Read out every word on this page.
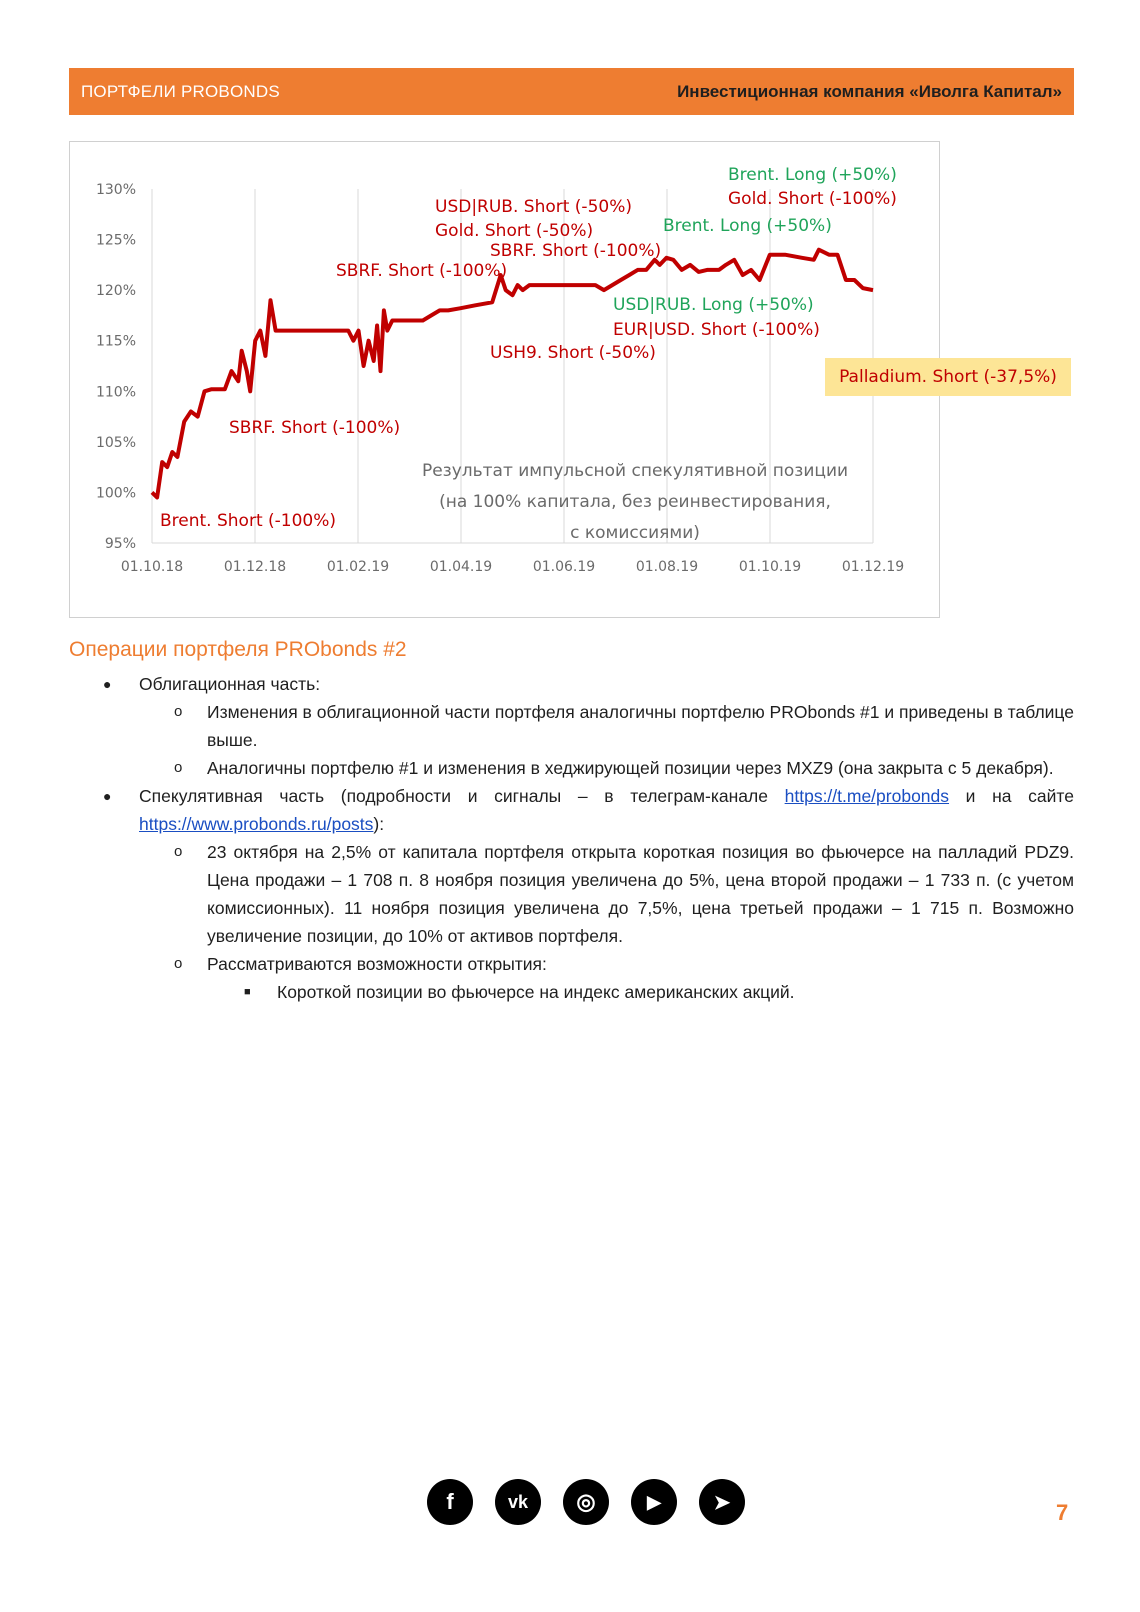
ПОРТФЕЛИ PROBONDS	Инвестиционная компания «Иволга Капитал»
95%
100%
105%
110%
115%
120%
125%
130%
01.10.18	01.12.18	01.02.19	01.04.19	01.06.19	01.08.19	01.10.19	01.12.19
Результат импульсной спекулятивной позиции
(на 100% капитала, без реинвестирования,
с комиссиями)
Brent. Short (-100%)
SBRF. Short (-100%)
SBRF. Short (-100%)
USD|RUB. Short (-50%)
Gold. Short (-50%)
SBRF. Short (-100%)
USH9. Short (-50%)
USD|RUB. Long (+50%)
EUR|USD. Short (-100%)
Brent. Long (+50%)
Brent. Long (+50%)
Gold. Short (-100%)
Palladium. Short (-37,5%)
Операции портфеля PRObonds #2
● Облигационная часть:
o Изменения в облигационной части портфеля аналогичны портфелю PRObonds #1 и приведены в таблице выше.
o Аналогичны портфелю #1 и изменения в хеджирующей позиции через MXZ9 (она закрыта с 5 декабря).
● Спекулятивная часть (подробности и сигналы – в телеграм-канале https://t.me/probonds и на сайте https://www.probonds.ru/posts):
o 23 октября на 2,5% от капитала портфеля открыта короткая позиция во фьючерсе на палладий PDZ9. Цена продажи – 1 708 п. 8 ноября позиция увеличена до 5%, цена второй продажи – 1 733 п. (с учетом комиссионных). 11 ноября позиция увеличена до 7,5%, цена третьей продажи – 1 715 п. Возможно увеличение позиции, до 10% от активов портфеля.
o Рассматриваются возможности открытия:
■ Короткой позиции во фьючерсе на индекс американских акций.
f	vk	◎	▶	➤	7
